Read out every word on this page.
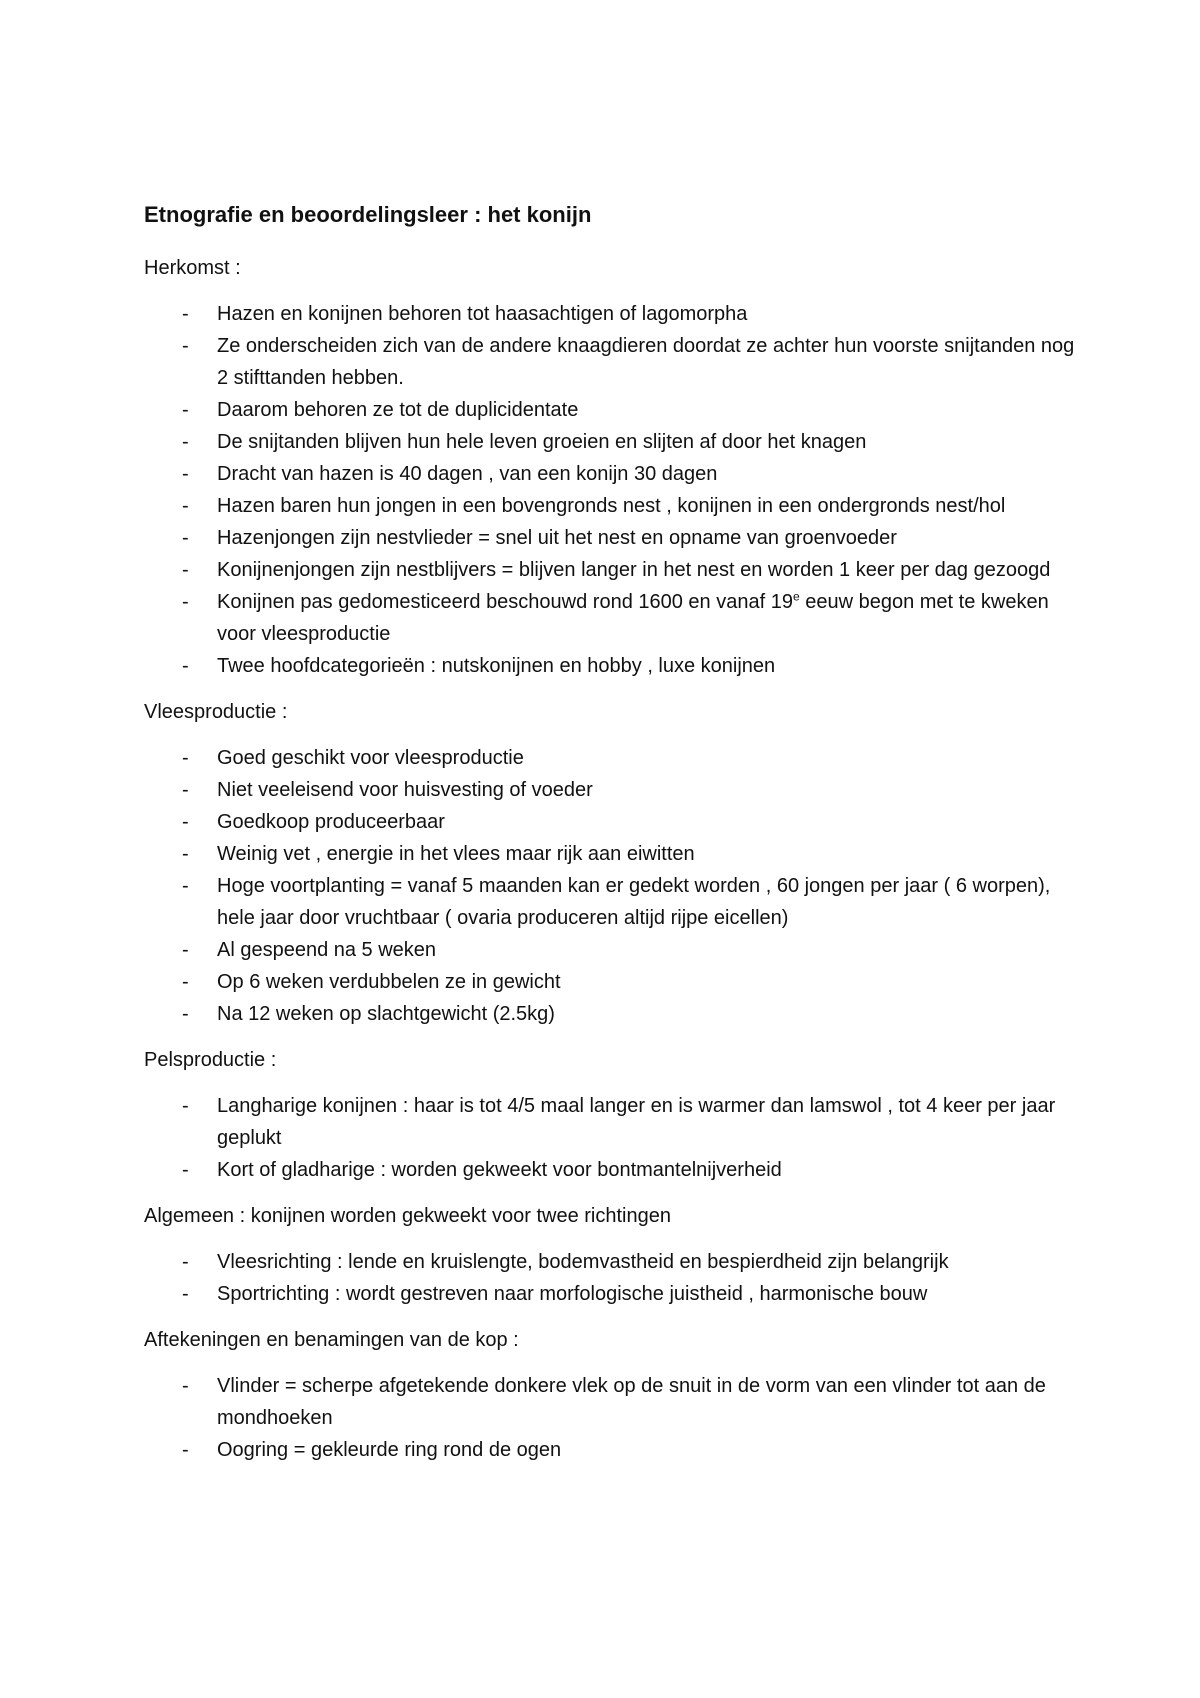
Etnografie en beoordelingsleer : het konijn
Herkomst :
- Hazen en konijnen behoren tot haasachtigen of lagomorpha
- Ze onderscheiden zich van de andere knaagdieren doordat ze achter hun voorste snijtanden nog 2 stifttanden hebben.
- Daarom behoren ze tot de duplicidentate
- De snijtanden blijven hun hele leven groeien en slijten af door het knagen
- Dracht van hazen is 40 dagen , van een konijn 30 dagen
- Hazen baren hun jongen in een bovengronds nest , konijnen in een ondergronds nest/hol
- Hazenjongen zijn nestvlieder = snel uit het nest en opname van groenvoeder
- Konijnenjongen zijn nestblijvers = blijven langer in het nest en worden 1 keer per dag gezoogd
- Konijnen pas gedomesticeerd beschouwd rond 1600 en vanaf 19e eeuw begon met te kweken voor vleesproductie
- Twee hoofdcategorieën : nutskonijnen en hobby , luxe konijnen
Vleesproductie :
- Goed geschikt voor vleesproductie
- Niet veeleisend voor huisvesting of voeder
- Goedkoop produceerbaar
- Weinig vet , energie in het vlees maar rijk aan eiwitten
- Hoge voortplanting = vanaf 5 maanden kan er gedekt worden , 60 jongen per jaar ( 6 worpen), hele jaar door vruchtbaar ( ovaria produceren altijd rijpe eicellen)
- Al gespeend na 5 weken
- Op 6 weken verdubbelen ze in gewicht
- Na 12 weken op slachtgewicht (2.5kg)
Pelsproductie :
- Langharige konijnen : haar is tot 4/5 maal langer en is warmer dan lamswol , tot 4 keer per jaar geplukt
- Kort of gladharige : worden gekweekt voor bontmantelnijverheid
Algemeen : konijnen worden gekweekt voor twee richtingen
- Vleesrichting : lende en kruislengte, bodemvastheid en bespierdheid zijn belangrijk
- Sportrichting : wordt gestreven naar morfologische juistheid , harmonische bouw
Aftekeningen en benamingen van de kop :
- Vlinder = scherpe afgetekende donkere vlek op de snuit in de vorm van een vlinder tot aan de mondhoeken
- Oogring = gekleurde ring rond de ogen
